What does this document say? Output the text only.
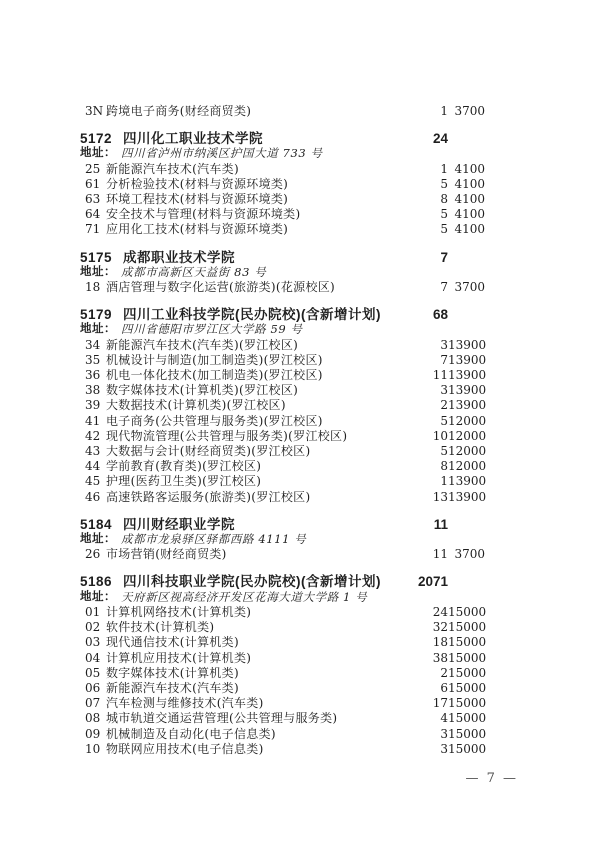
3N 跨境电子商务(财经商贸类)	1 3700
5172 四川化工职业技术学院	24
地址： 四川省泸州市纳溪区护国大道 733 号
25 新能源汽车技术(汽车类)	1 4100
61 分析检验技术(材料与资源环境类)	5 4100
63 环境工程技术(材料与资源环境类)	8 4100
64 安全技术与管理(材料与资源环境类)	5 4100
71 应用化工技术(材料与资源环境类)	5 4100
5175 成都职业技术学院	7
地址： 成都市高新区天益街 83 号
18 酒店管理与数字化运营(旅游类)(花源校区)	7 3700
5179 四川工业科技学院(民办院校)(含新增计划)	68
地址： 四川省德阳市罗江区大学路 59 号
34 新能源汽车技术(汽车类)(罗江校区)	3 13900
35 机械设计与制造(加工制造类)(罗江校区)	7 13900
36 机电一体化技术(加工制造类)(罗江校区)	11 13900
38 数字媒体技术(计算机类)(罗江校区)	3 13900
39 大数据技术(计算机类)(罗江校区)	2 13900
41 电子商务(公共管理与服务类)(罗江校区)	5 12000
42 现代物流管理(公共管理与服务类)(罗江校区)	10 12000
43 大数据与会计(财经商贸类)(罗江校区)	5 12000
44 学前教育(教育类)(罗江校区)	8 12000
45 护理(医药卫生类)(罗江校区)	1 13900
46 高速铁路客运服务(旅游类)(罗江校区)	13 13900
5184 四川财经职业学院	11
地址： 成都市龙泉驿区驿都西路 4111 号
26 市场营销(财经商贸类)	11 3700
5186 四川科技职业学院(民办院校)(含新增计划)	2071
地址： 天府新区视高经济开发区花海大道大学路 1 号
01 计算机网络技术(计算机类)	24 15000
02 软件技术(计算机类)	32 15000
03 现代通信技术(计算机类)	18 15000
04 计算机应用技术(计算机类)	38 15000
05 数字媒体技术(计算机类)	2 15000
06 新能源汽车技术(汽车类)	6 15000
07 汽车检测与维修技术(汽车类)	17 15000
08 城市轨道交通运营管理(公共管理与服务类)	4 15000
09 机械制造及自动化(电子信息类)	3 15000
10 物联网应用技术(电子信息类)	3 15000
— 7 —
